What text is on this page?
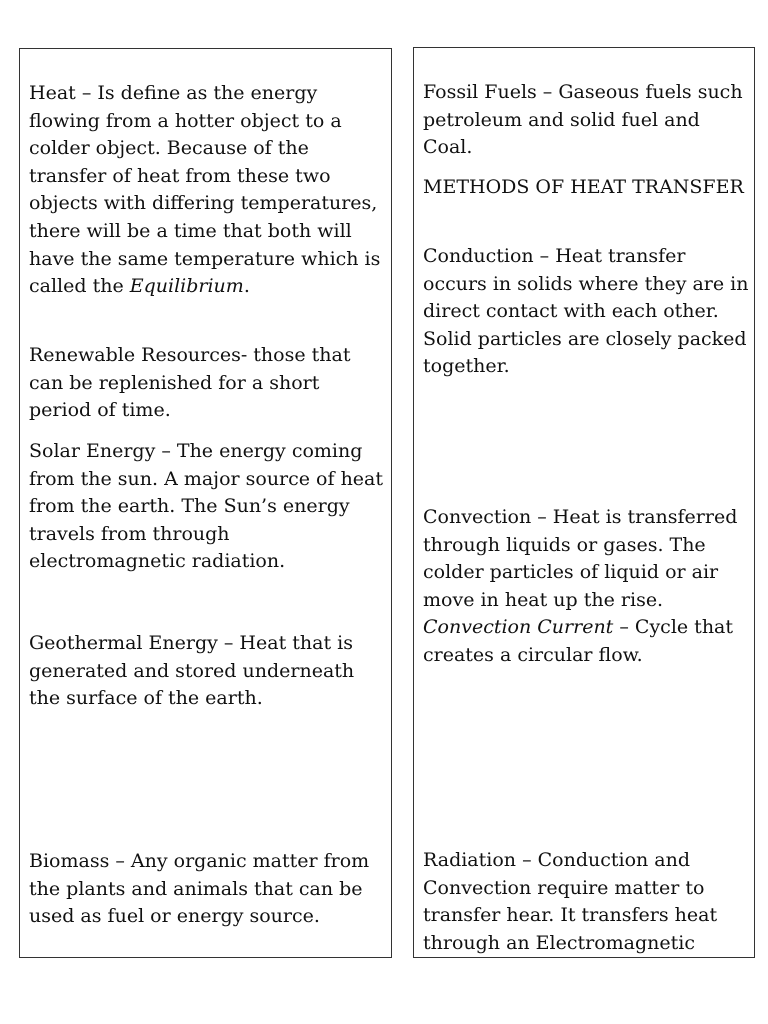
Heat – Is define as the energy flowing from a hotter object to a colder object. Because of the transfer of heat from these two objects with differing temperatures, there will be a time that both will have the same temperature which is called the Equilibrium.

Renewable Resources- those that can be replenished for a short period of time.

Solar Energy – The energy coming from the sun. A major source of heat from the earth. The Sun’s energy travels from through electromagnetic radiation.

Geothermal Energy – Heat that is generated and stored underneath the surface of the earth.

Biomass – Any organic matter from the plants and animals that can be used as fuel or energy source.

Fossil Fuels – Gaseous fuels such petroleum and solid fuel and Coal.

METHODS OF HEAT TRANSFER

Conduction – Heat transfer occurs in solids where they are in direct contact with each other. Solid particles are closely packed together.

Convection – Heat is transferred through liquids or gases. The colder particles of liquid or air move in heat up the rise. Convection Current – Cycle that creates a circular flow.

Radiation – Conduction and Convection require matter to transfer hear. It transfers heat through an Electromagnetic
